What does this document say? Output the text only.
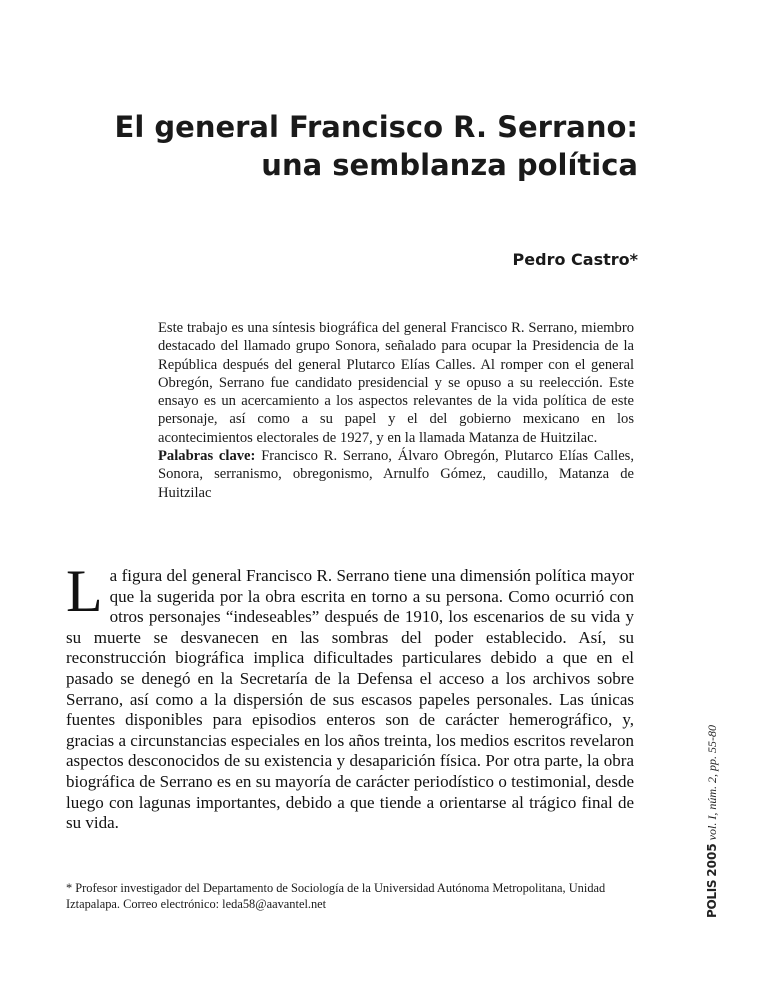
El general Francisco R. Serrano:
una semblanza política
Pedro Castro*

Este trabajo es una síntesis biográfica del general Francisco R. Serrano, miembro destacado del llamado grupo Sonora, señalado para ocupar la Presidencia de la República después del general Plutarco Elías Calles. Al romper con el general Obregón, Serrano fue candidato presidencial y se opuso a su reelección. Este ensayo es un acercamiento a los aspectos relevantes de la vida política de este personaje, así como a su papel y el del gobierno mexicano en los acontecimientos electorales de 1927, y en la llamada Matanza de Huitzilac.

Palabras clave: Francisco R. Serrano, Álvaro Obregón, Plutarco Elías Calles, Sonora, serranismo, obregonismo, Arnulfo Gómez, caudillo, Matanza de Huitzilac

La figura del general Francisco R. Serrano tiene una dimensión política mayor que la sugerida por la obra escrita en torno a su persona. Como ocurrió con otros personajes “indeseables” después de 1910, los escenarios de su vida y su muerte se desvanecen en las sombras del poder establecido. Así, su reconstrucción biográfica implica dificultades particulares debido a que en el pasado se denegó en la Secretaría de la Defensa el acceso a los archivos sobre Serrano, así como a la dispersión de sus escasos papeles personales. Las únicas fuentes disponibles para episodios enteros son de carácter hemerográfico, y, gracias a circunstancias especiales en los años treinta, los medios escritos revelaron aspectos desconocidos de su existencia y desaparición física. Por otra parte, la obra biográfica de Serrano es en su mayoría de carácter periodístico o testimonial, desde luego con lagunas importantes, debido a que tiende a orientarse al trágico final de su vida.

* Profesor investigador del Departamento de Sociología de la Universidad Autónoma Metropolitana, Unidad Iztapalapa. Correo electrónico: leda58@aavantel.net	POLIS 2005 vol. I, núm. 2, pp. 55-80
